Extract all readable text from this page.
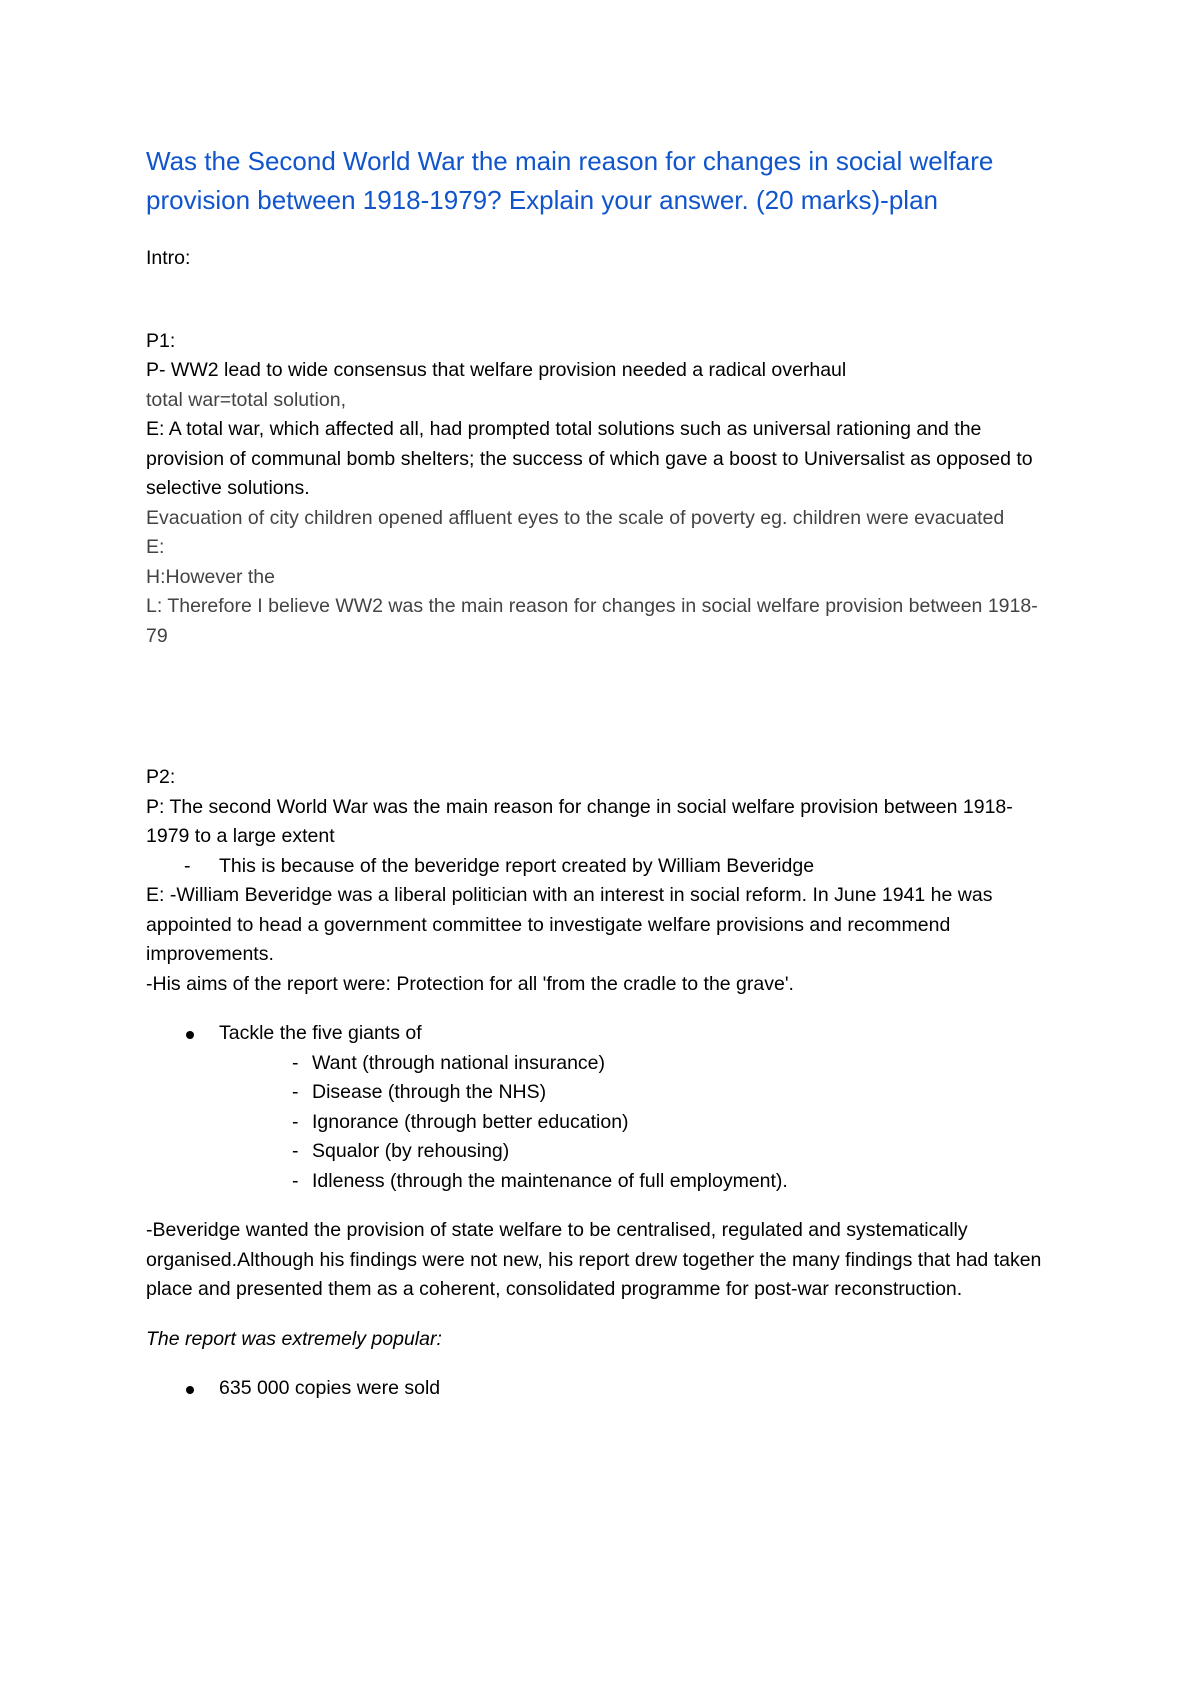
Was the Second World War the main reason for changes in social welfare provision between 1918-1979? Explain your answer. (20 marks)-plan

Intro:

P1:

P- WW2 lead to wide consensus that welfare provision needed a radical overhaul

total war=total solution,

E: A total war, which affected all, had prompted total solutions such as universal rationing and the provision of communal bomb shelters; the success of which gave a boost to Universalist as opposed to selective solutions.

Evacuation of city children opened affluent eyes to the scale of poverty eg. children were evacuated

E:

H:However the

L: Therefore I believe WW2 was the main reason for changes in social welfare provision between 1918-79

P2:

P: The second World War was the main reason for change in social welfare provision between 1918-1979 to a large extent

- This is because of the beveridge report created by William Beveridge

E: -William Beveridge was a liberal politician with an interest in social reform. In June 1941 he was appointed to head a government committee to investigate welfare provisions and recommend improvements.

-His aims of the report were: Protection for all 'from the cradle to the grave'.

Tackle the five giants of
- Want (through national insurance)
- Disease (through the NHS)
- Ignorance (through better education)
- Squalor (by rehousing)
- Idleness (through the maintenance of full employment).

-Beveridge wanted the provision of state welfare to be centralised, regulated and systematically organised.Although his findings were not new, his report drew together the many findings that had taken place and presented them as a coherent, consolidated programme for post-war reconstruction.

The report was extremely popular:

635 000 copies were sold
